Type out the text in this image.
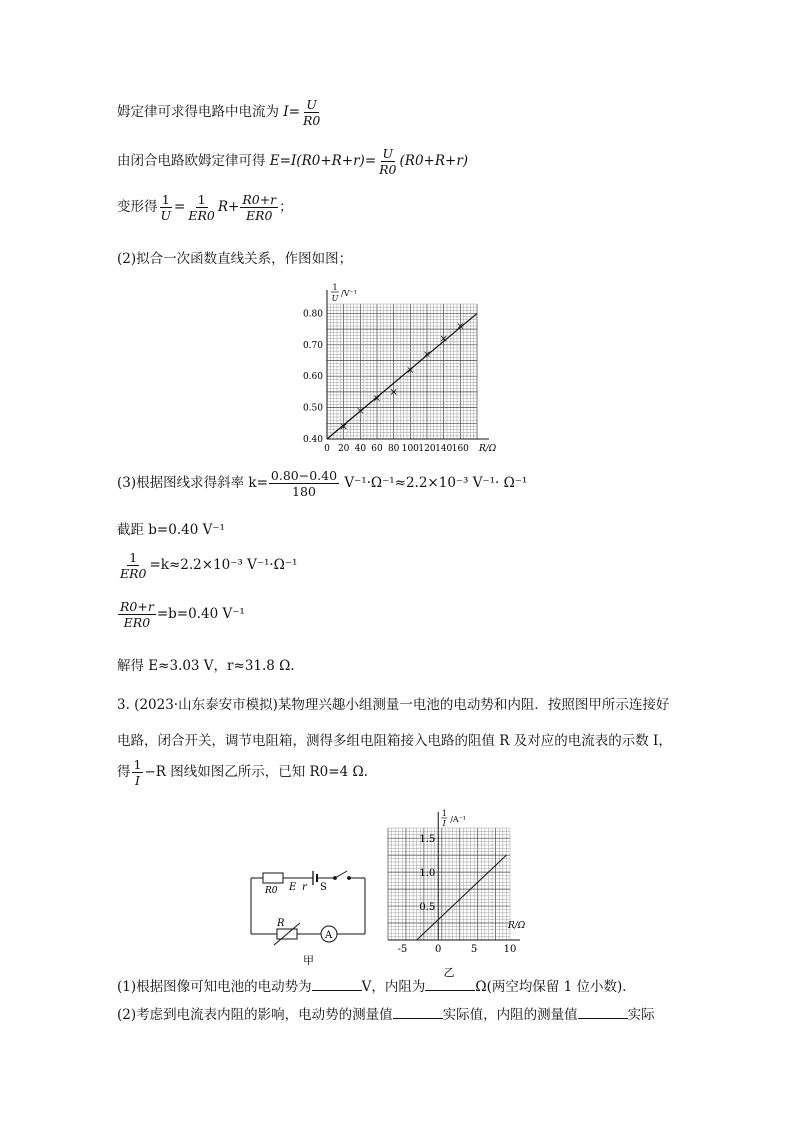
姆定律可求得电路中电流为 $I= \frac{U}{R0}$
由闭合电路欧姆定律可得 $E=I(R0+R+r)= \frac{U}{R0} (R0+R+r)$
变形得 $\frac{1}{U} = \frac{1}{ER0} R+ \frac{R0+r}{ER0}$ ；
(2)拟合一次函数直线关系，作图如图；
0 20 40 60 80 100 120 140 160
0.40
0.50
0.60
0.70
0.80
R/Ω
1
U
/V⁻¹
(3)根据图线求得斜率 $k= \frac{0.80-0.40}{180} V^{-1}\cdot\Omega^{-1}\approx 2.2\times 10^{-3}$ V⁻¹· Ω⁻¹
截距 b=0.40 V⁻¹
$\frac{1}{ER0} =k\approx 2.2\times 10^{-3}$ V⁻¹·Ω⁻¹
$\frac{R0+r}{ER0} =b=0.40$ V⁻¹
解得 E≈3.03 V，r≈31.8 Ω.
3. (2023·山东泰安市模拟)某物理兴趣小组测量一电池的电动势和内阻．按照图甲所示连接好
电路，闭合开关，调节电阻箱，测得多组电阻箱接入电路的阻值 R 及对应的电流表的示数 I，
得 $\frac{1}{I} -R$ 图线如图乙所示，已知 R0=4 Ω.
R0 E r S
R
A
甲
-5	0	5	10
0.5
1.0
1.5
R/Ω
1
I /A⁻¹
乙
(1)根据图像可知电池的电动势为	V，内阻为	Ω(两空均保留 1 位小数)．
(2)考虑到电流表内阻的影响，电动势的测量值	实际值，内阻的测量值	实际
